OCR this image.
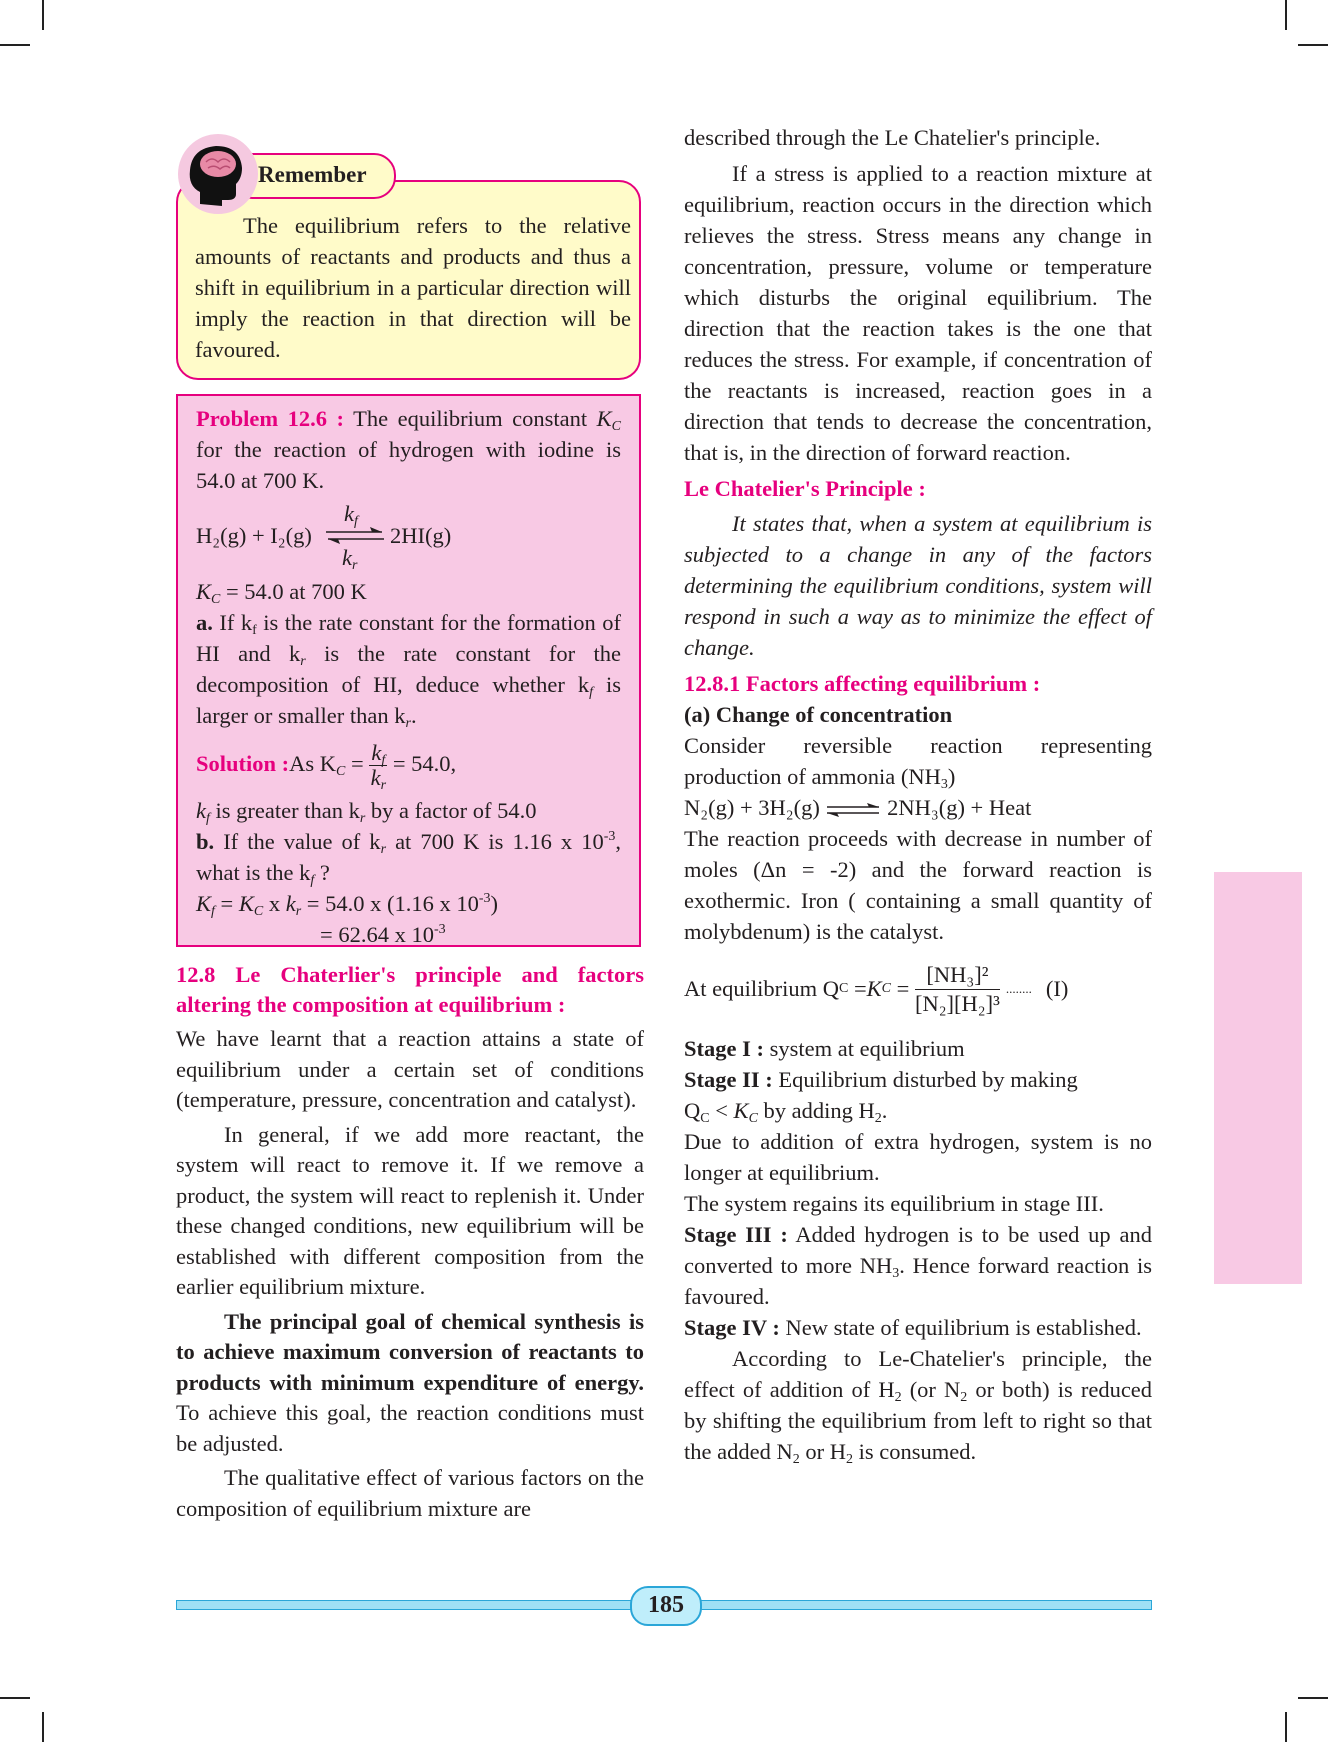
Remember

The equilibrium refers to the relative amounts of reactants and products and thus a shift in equilibrium in a particular direction will imply the reaction in that direction will be favoured.

Problem 12.6 : The equilibrium constant $K_C$ for the reaction of hydrogen with iodine is 54.0 at 700 K.

H₂(g) + I₂(g)
$k_f$
$k_r$
2HI(g)

$K_C = 54.0$ at 700 K

a. If $k_f$ is the rate constant for the formation of HI and $k_r$ is the rate constant for the decomposition of HI, deduce whether $k_f$ is larger or smaller than $k_r$.

Solution :As $K_C = \frac{k_f}{k_r} = 54.0$,

$k_f$ is greater than $k_r$ by a factor of 54.0

b. If the value of $k_r$ at 700 K is 1.16 x $10^{-3}$, what is the $k_f$ ?

$K_f = K_C$ x $k_r = 54.0$ x (1.16 x $10^{-3}$)

= 62.64 x $10^{-3}$

12.8 Le Chaterlier's principle and factors altering the composition at equilibrium :

We have learnt that a reaction attains a state of equilibrium under a certain set of conditions (temperature, pressure, concentration and catalyst).

In general, if we add more reactant, the system will react to remove it. If we remove a product, the system will react to replenish it. Under these changed conditions, new equilibrium will be established with different composition from the earlier equilibrium mixture.

The principal goal of chemical synthesis is to achieve maximum conversion of reactants to products with minimum expenditure of energy. To achieve this goal, the reaction conditions must be adjusted.

The qualitative effect of various factors on the composition of equilibrium mixture are

described through the Le Chatelier's principle.

If a stress is applied to a reaction mixture at equilibrium, reaction occurs in the direction which relieves the stress. Stress means any change in concentration, pressure, volume or temperature which disturbs the original equilibrium. The direction that the reaction takes is the one that reduces the stress. For example, if concentration of the reactants is increased, reaction goes in a direction that tends to decrease the concentration, that is, in the direction of forward reaction.

Le Chatelier's Principle :

It states that, when a system at equilibrium is subjected to a change in any of the factors determining the equilibrium conditions, system will respond in such a way as to minimize the effect of change.

12.8.1 Factors affecting equilibrium :

(a) Change of concentration

Consider reversible reaction representing production of ammonia $(NH_3)$

N₂(g) + 3H₂(g) ⇌ 2NH₃(g) + Heat

The reaction proceeds with decrease in number of moles (Δn = -2) and the forward reaction is exothermic. Iron ( containing a small quantity of molybdenum) is the catalyst.

At equilibrium Q C = K $C = \frac{\text{[NH₃]²}}{\text{[N₂][H₂]³}}$ ........ (I)

Stage I : system at equilibrium

Stage II : Equilibrium disturbed by making

$Q_C < K_C$ by adding $H_2$.

Due to addition of extra hydrogen, system is no longer at equilibrium.

The system regains its equilibrium in stage III.

Stage III : Added hydrogen is to be used up and converted to more $NH_3$. Hence forward reaction is favoured.

Stage IV : New state of equilibrium is established.

According to Le-Chatelier's principle, the effect of addition of $H_2$ (or $N_2$ or both) is reduced by shifting the equilibrium from left to right so that the added $N_2$ or $H_2$ is consumed.

185
